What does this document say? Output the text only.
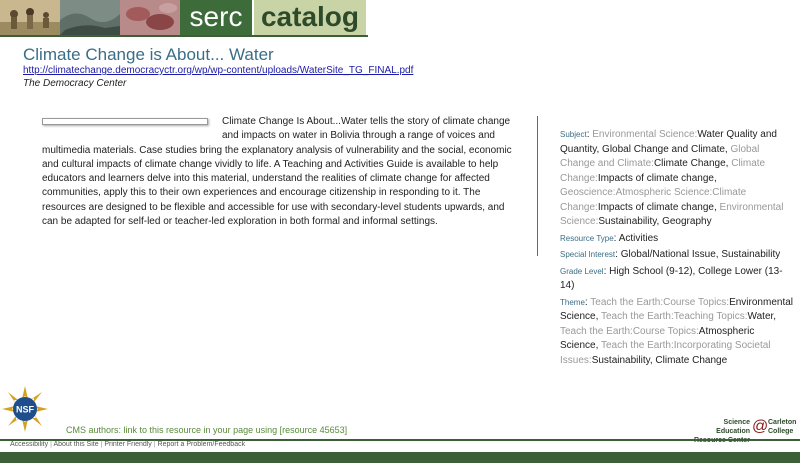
serc catalog
Climate Change is About... Water
http://climatechange.democracyctr.org/wp/wp-content/uploads/WaterSite_TG_FINAL.pdf
The Democracy Center
Climate Change Is About...Water tells the story of climate change and impacts on water in Bolivia through a range of voices and multimedia materials. Case studies bring the explanatory analysis of vulnerability and the social, economic and cultural impacts of climate change vividly to life. A Teaching and Activities Guide is available to help educators and learners delve into this material, understand the realities of climate change for affected communities, apply this to their own experiences and encourage citizenship in responding to it. The resources are designed to be flexible and accessible for use with secondary-level students upwards, and can be adapted for self-led or teacher-led exploration in both formal and informal settings.
Subject: Environmental Science:Water Quality and Quantity, Global Change and Climate, Global Change and Climate:Climate Change, Climate Change:Impacts of climate change, Geoscience:Atmospheric Science:Climate Change:Impacts of climate change, Environmental Science:Sustainability, Geography
Resource Type: Activities
Special Interest: Global/National Issue, Sustainability
Grade Level: High School (9-12), College Lower (13-14)
Theme: Teach the Earth:Course Topics:Environmental Science, Teach the Earth:Teaching Topics:Water, Teach the Earth:Course Topics:Atmospheric Science, Teach the Earth:Incorporating Societal Issues:Sustainability, Climate Change
NSF
CMS authors: link to this resource in your page using [resource 45653]
Science Education @ Carleton College
Accessibility | About this Site | Printer Friendly | Report a Problem/Feedback
